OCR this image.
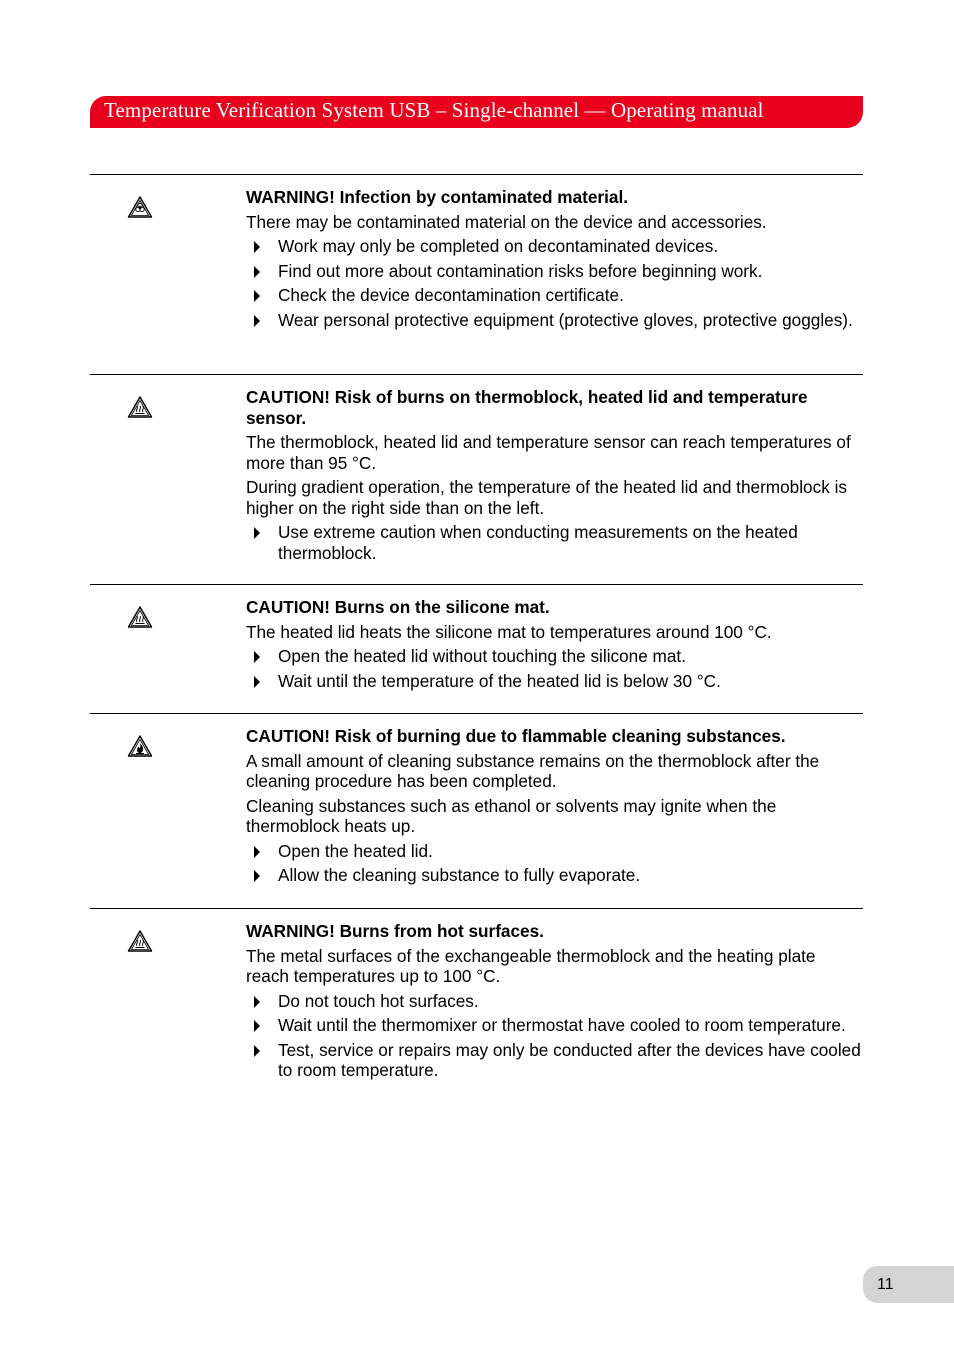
Temperature Verification System USB – Single-channel — Operating manual

WARNING! Infection by contaminated material.

There may be contaminated material on the device and accessories.

Work may only be completed on decontaminated devices.
Find out more about contamination risks before beginning work.
Check the device decontamination certificate.
Wear personal protective equipment (protective gloves, protective goggles).

CAUTION! Risk of burns on thermoblock, heated lid and temperature sensor.

The thermoblock, heated lid and temperature sensor can reach temperatures of more than 95 °C.

During gradient operation, the temperature of the heated lid and thermoblock is higher on the right side than on the left.

Use extreme caution when conducting measurements on the heated thermoblock.

CAUTION! Burns on the silicone mat.

The heated lid heats the silicone mat to temperatures around 100 °C.

Open the heated lid without touching the silicone mat.
Wait until the temperature of the heated lid is below 30 °C.

CAUTION! Risk of burning due to flammable cleaning substances.

A small amount of cleaning substance remains on the thermoblock after the cleaning procedure has been completed.

Cleaning substances such as ethanol or solvents may ignite when the thermoblock heats up.

Open the heated lid.
Allow the cleaning substance to fully evaporate.

WARNING! Burns from hot surfaces.

The metal surfaces of the exchangeable thermoblock and the heating plate reach temperatures up to 100 °C.

Do not touch hot surfaces.
Wait until the thermomixer or thermostat have cooled to room temperature.
Test, service or repairs may only be conducted after the devices have cooled to room temperature.
11
